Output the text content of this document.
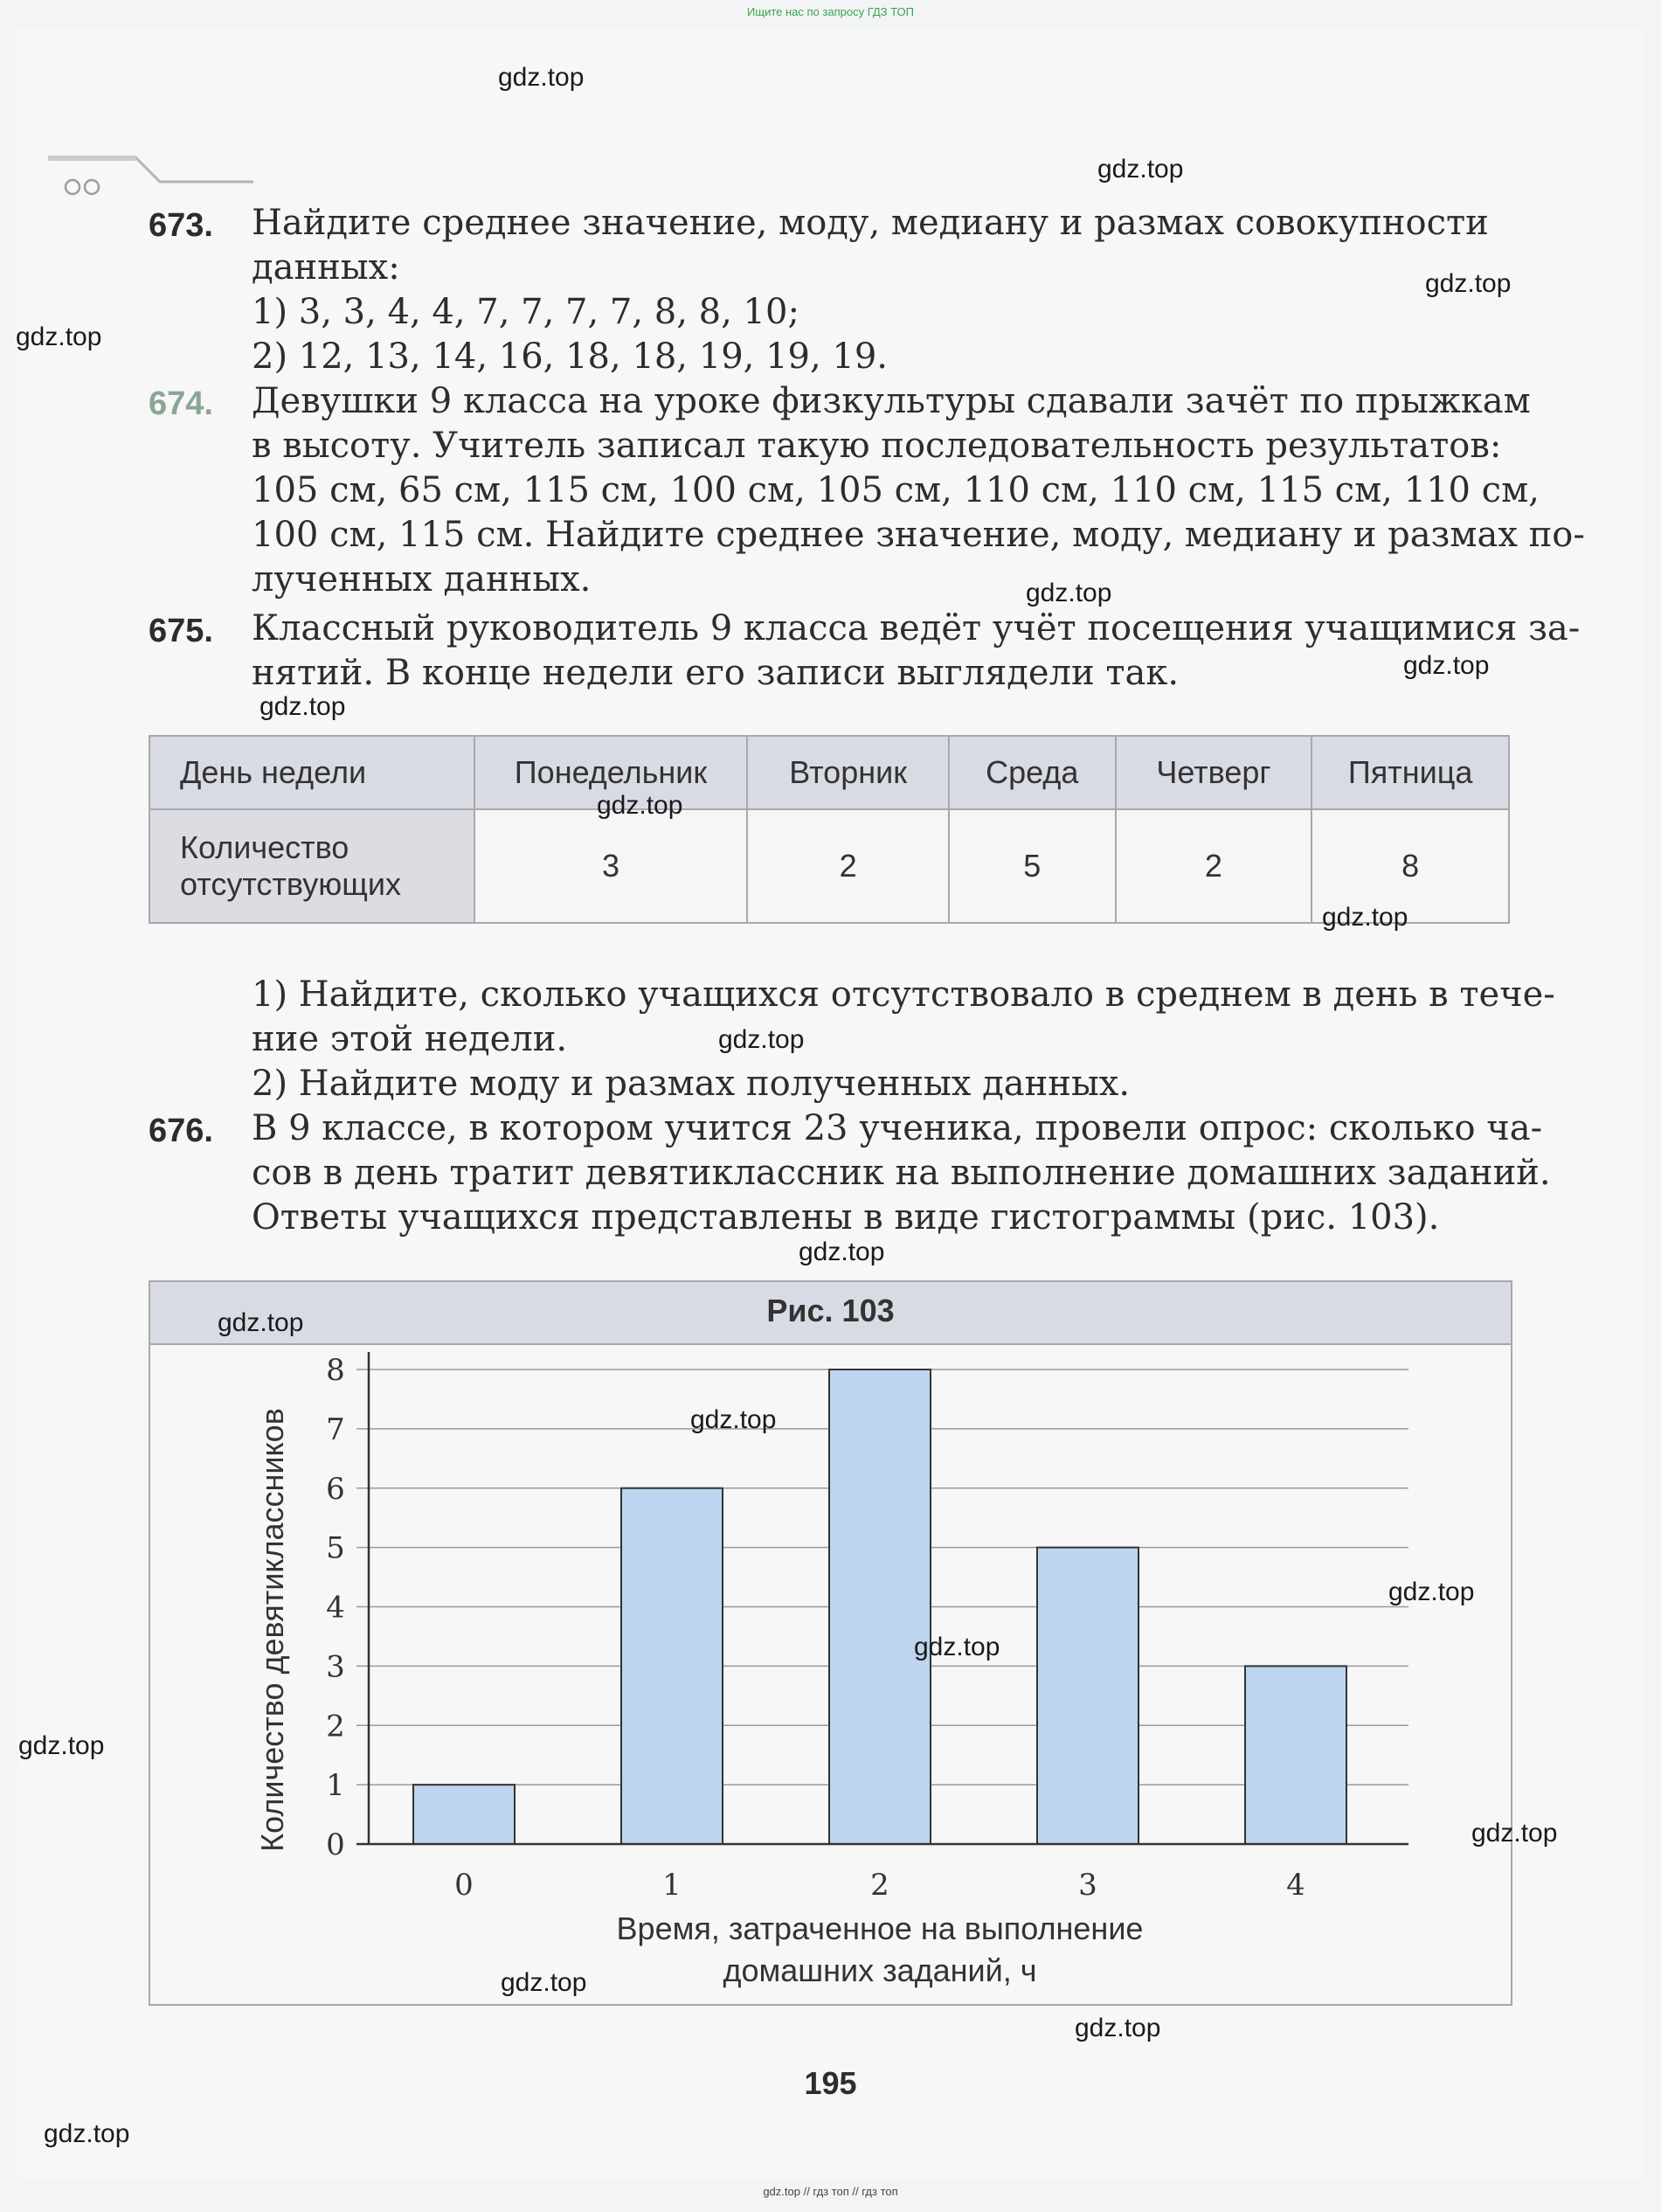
Ищите нас по запросу ГДЗ ТОП
673. Найдите среднее значение, моду, медиану и размах совокупности
данных:
1) 3, 3, 4, 4, 7, 7, 7, 7, 8, 8, 10;
2) 12, 13, 14, 16, 18, 18, 19, 19, 19.
674. Девушки 9 класса на уроке физкультуры сдавали зачёт по прыжкам
в высоту. Учитель записал такую последовательность результатов:
105 см, 65 см, 115 см, 100 см, 105 см, 110 см, 110 см, 115 см, 110 см,
100 см, 115 см. Найдите среднее значение, моду, медиану и размах по-
лученных данных.
675. Классный руководитель 9 класса ведёт учёт посещения учащимися за-
нятий. В конце недели его записи выглядели так.
День недели	Понедельник	Вторник	Среда	Четверг	Пятница

Количество
отсутствующих	3	2	5	2	8
1) Найдите, сколько учащихся отсутствовало в среднем в день в тече-
ние этой недели.
2) Найдите моду и размах полученных данных.
676. В 9 классе, в котором учится 23 ученика, провели опрос: сколько ча-
сов в день тратит девятиклассник на выполнение домашних заданий.
Ответы учащихся представлены в виде гистограммы (рис. 103).
Рис. 103
0
1
2
3
4
5
6
7
8
0	1	2	3	4
Количество девятиклассников
Время, затраченное на выполнение
домашних заданий, ч
195
gdz.top
gdz.top
gdz.top
gdz.top
gdz.top
gdz.top
gdz.top
gdz.top
gdz.top
gdz.top
gdz.top
gdz.top
gdz.top
gdz.top
gdz.top
gdz.top
gdz.top
gdz.top
gdz.top
gdz.top
gdz.top // гдз топ // гдз топ
